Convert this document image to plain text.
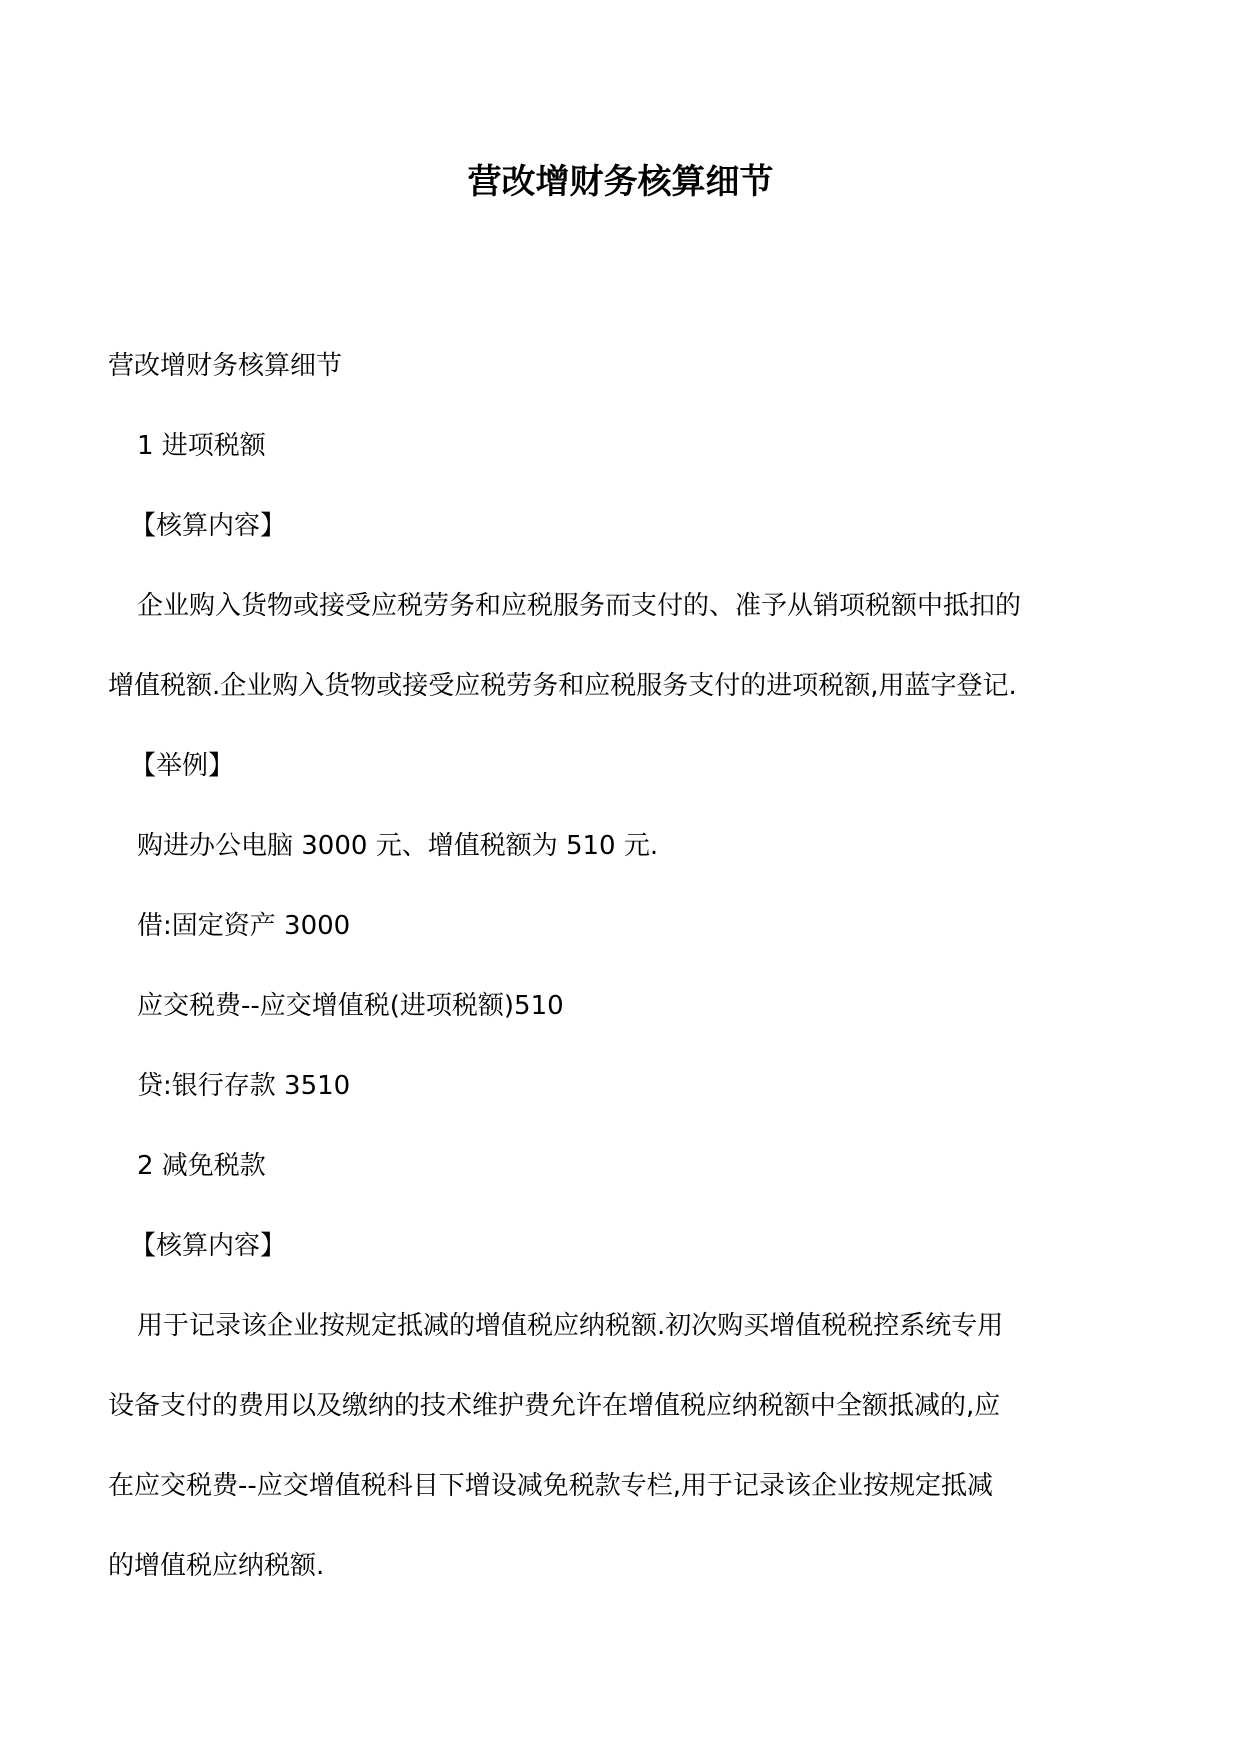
营改增财务核算细节

营改增财务核算细节

1 进项税额

【核算内容】

企业购入货物或接受应税劳务和应税服务而支付的、准予从销项税额中抵扣的

增值税额.企业购入货物或接受应税劳务和应税服务支付的进项税额,用蓝字登记.

【举例】

购进办公电脑 3000 元、增值税额为 510 元.

借:固定资产 3000

应交税费--应交增值税(进项税额)510

贷:银行存款 3510

2 减免税款

【核算内容】

用于记录该企业按规定抵减的增值税应纳税额.初次购买增值税税控系统专用

设备支付的费用以及缴纳的技术维护费允许在增值税应纳税额中全额抵减的,应

在应交税费--应交增值税科目下增设减免税款专栏,用于记录该企业按规定抵减

的增值税应纳税额.
